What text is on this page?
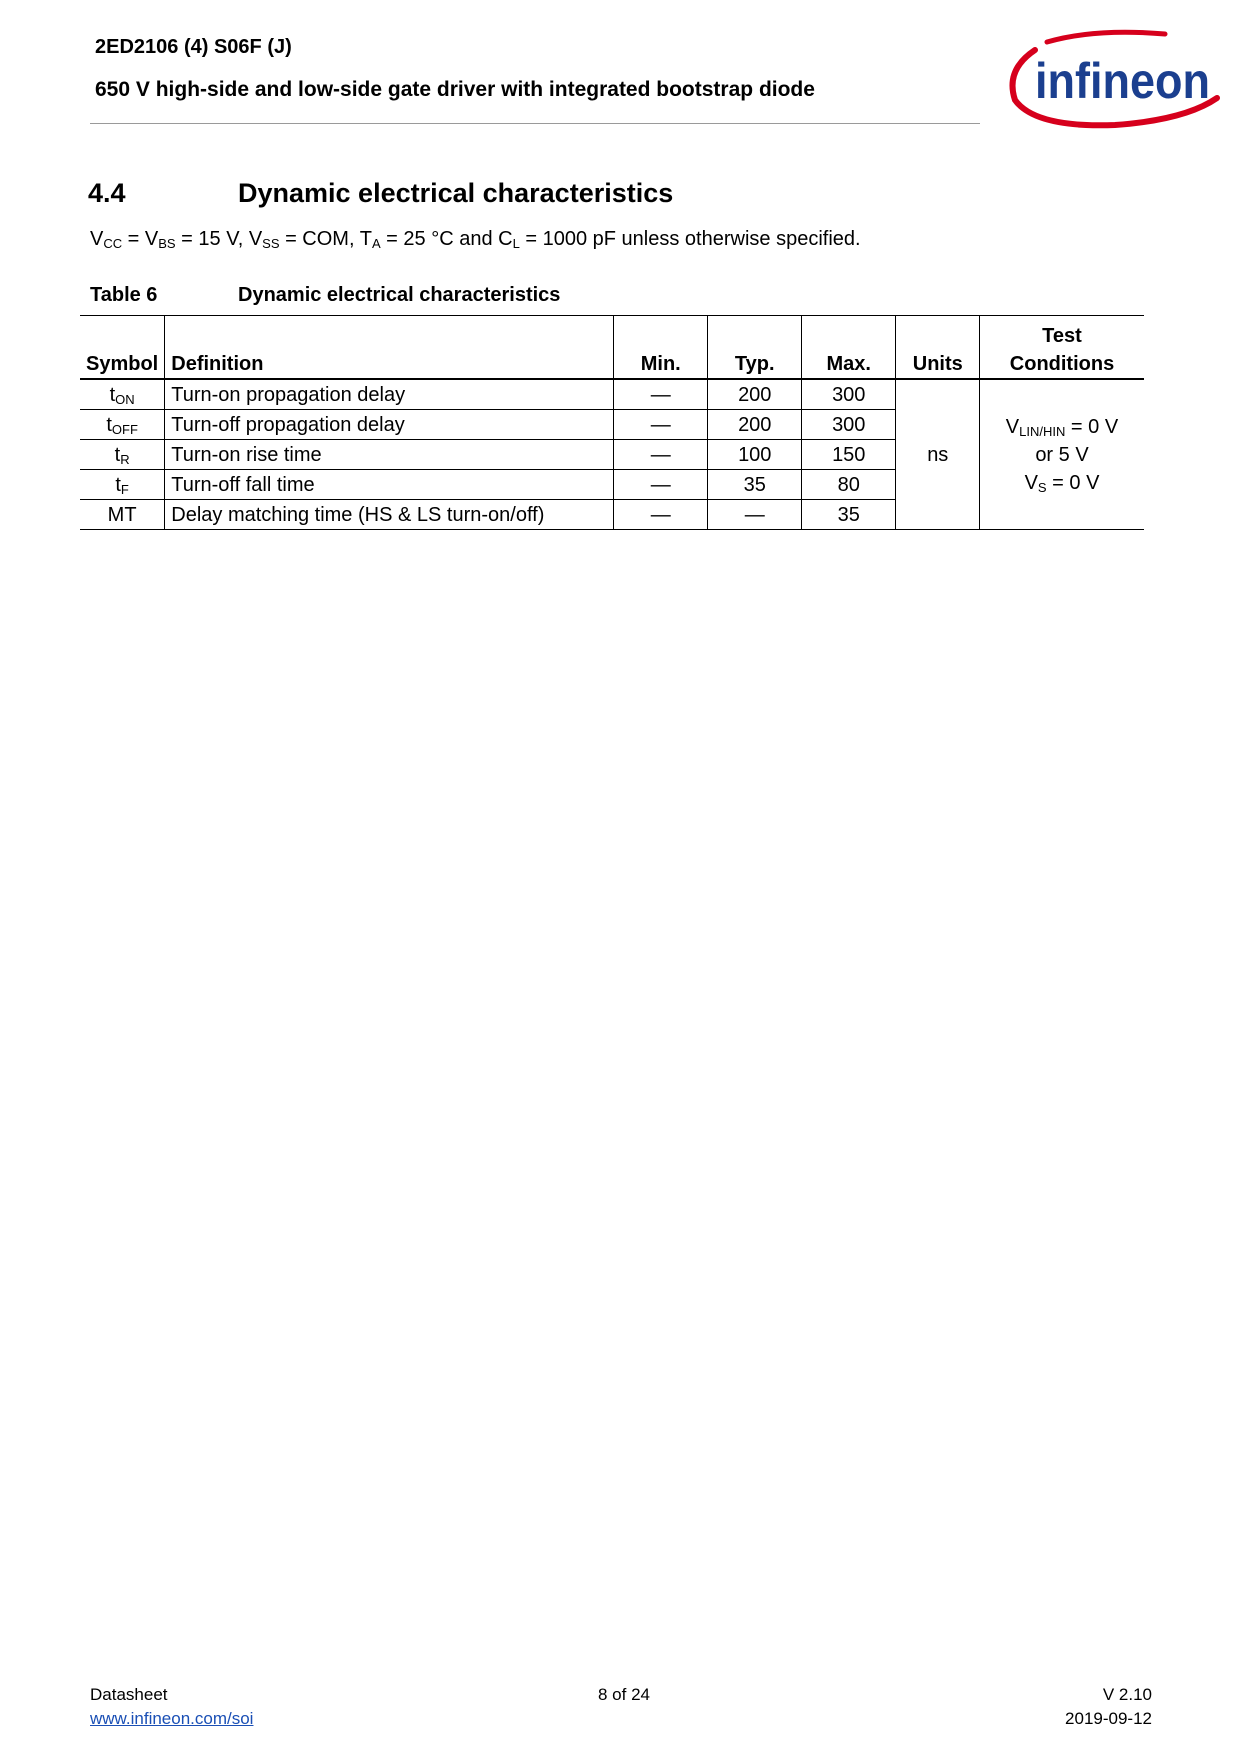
2ED2106 (4) S06F (J)
650 V high-side and low-side gate driver with integrated bootstrap diode	infineon
4.4	Dynamic electrical characteristics
$V_{CC} = V_{BS} = 15$ V, $V_{SS}$ = COM, $T_A = 25$ °C and $C_L = 1000$ pF unless otherwise specified.
Table 6	Dynamic electrical characteristics
Symbol	Definition	Min.	Typ.	Max.	Units	Test
Conditions
$t_{ON}$	Turn-on propagation delay	—	200	300	ns	$V_{LIN/HIN} = 0$ V
or 5 V
$V_S = 0$ V

$t_{OFF}$	Turn-off propagation delay	—	200	300		
$t_R$	Turn-on rise time	—	100	150		
$t_F$	Turn-off fall time	—	35	80		
MT	Delay matching time (HS & LS turn-on/off)	—	—	35		
Datasheet
www.infineon.com/soi
8 of 24	V 2.10
2019-09-12
